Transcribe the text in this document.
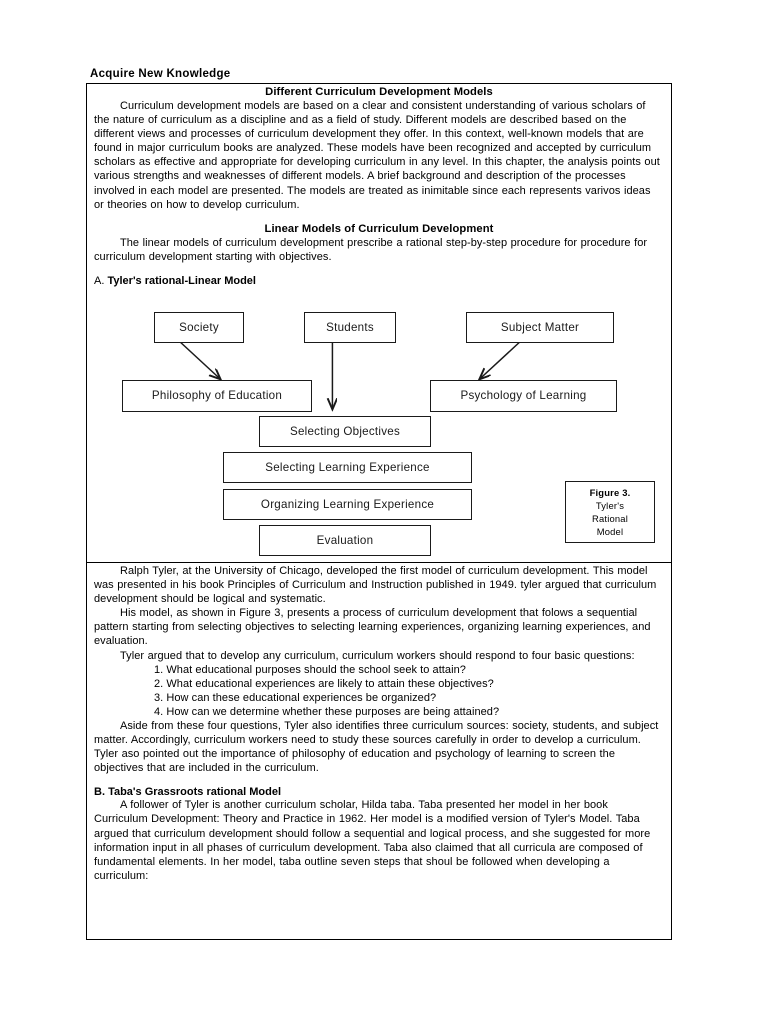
Acquire New Knowledge
Different Curriculum Development Models
Curriculum development models are based on a clear and consistent understanding of various scholars of the nature of curriculum as a discipline and as a field of study. Different models are described based on the different views and processes of curriculum development they offer. In this context, well-known models that are found in major curriculum books are analyzed. These models have been recognized and accepted by curriculum scholars as effective and appropriate for developing curriculum in any level. In this chapter, the analysis points out various strengths and weaknesses of different models. A brief background and description of the processes involved in each model are presented. The models are treated as inimitable since each represents varivos ideas or theories on how to develop curriculum.
Linear Models of Curriculum Development
The linear models of curriculum development prescribe a rational step-by-step procedure for procedure for curriculum development starting with objectives.
A. Tyler's rational-Linear Model
Society	Students	Subject Matter
Philosophy of Education	Psychology of Learning
Selecting Objectives
Selecting Learning Experience
Organizing Learning Experience
Evaluation
Figure 3.
Tyler's
Rational
Model
Ralph Tyler, at the University of Chicago, developed the first model of curriculum development. This model was presented in his book Principles of Curriculum and Instruction published in 1949. tyler argued that curriculum development should be logical and systematic.
His model, as shown in Figure 3, presents a process of curriculum development that folows a sequential pattern starting from selecting objectives to selecting learning experiences, organizing learning experiences, and evaluation.
Tyler argued that to develop any curriculum, curriculum workers should respond to four basic questions:
1. What educational purposes should the school seek to attain?
2. What educational experiences are likely to attain these objectives?
3. How can these educational experiences be organized?
4. How can we determine whether these purposes are being attained?
Aside from these four questions, Tyler also identifies three curriculum sources: society, students, and subject matter. Accordingly, curriculum workers need to study these sources carefully in order to develop a curriculum. Tyler aso pointed out the importance of philosophy of education and psychology of learning to screen the objectives that are included in the curriculum.
B. Taba's Grassroots rational Model
A follower of Tyler is another curriculum scholar, Hilda taba. Taba presented her model in her book Curriculum Development: Theory and Practice in 1962. Her model is a modified version of Tyler's Model. Taba argued that curriculum development should follow a sequential and logical process, and she suggested for more information input in all phases of curriculum development. Taba also claimed that all curricula are composed of fundamental elements. In her model, taba outline seven steps that shoul be followed when developing a curriculum:
